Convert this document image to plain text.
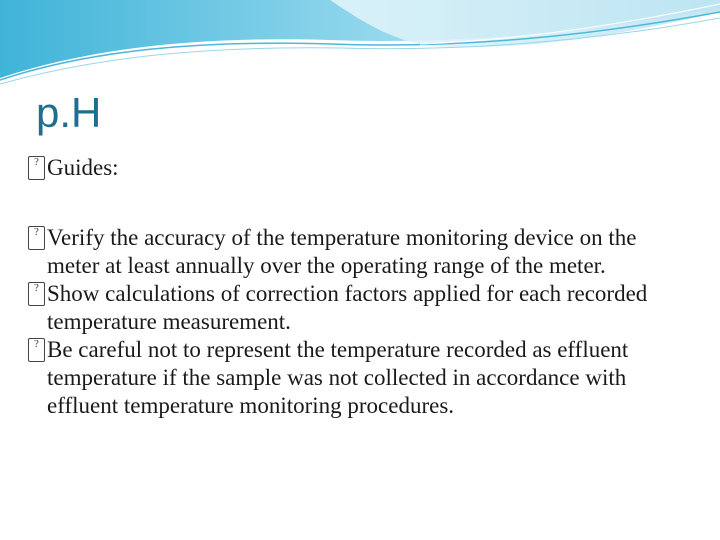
p.H
? Guides:
? Verify the accuracy of the temperature monitoring device on the meter at least annually over the operating range of the meter.
? Show calculations of correction factors applied for each recorded temperature measurement.
? Be careful not to represent the temperature recorded as effluent temperature if the sample was not collected in accordance with effluent temperature monitoring procedures.
